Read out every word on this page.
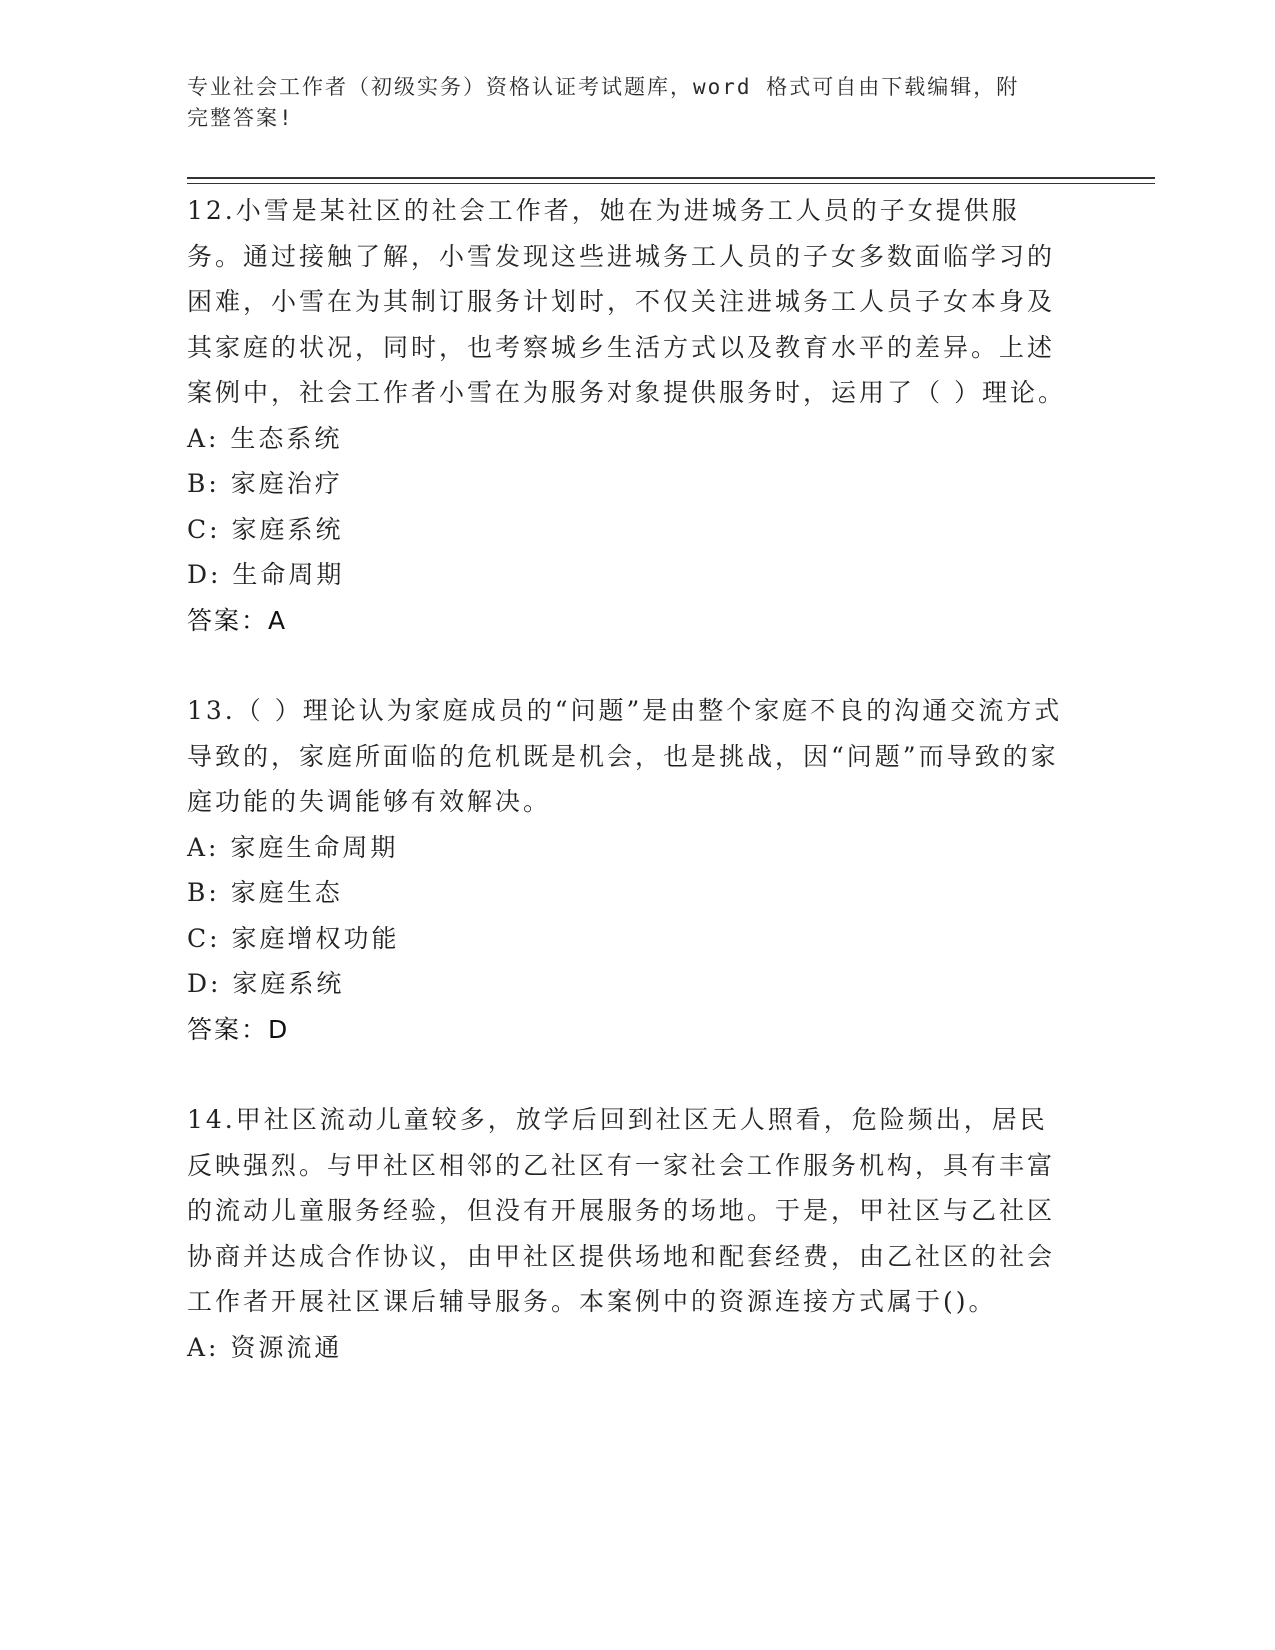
专业社会工作者（初级实务）资格认证考试题库，word 格式可自由下载编辑，附
完整答案!

12.小雪是某社区的社会工作者，她在为进城务工人员的子女提供服务。通过接触了解，小雪发现这些进城务工人员的子女多数面临学习的困难，小雪在为其制订服务计划时，不仅关注进城务工人员子女本身及其家庭的状况，同时，也考察城乡生活方式以及教育水平的差异。上述案例中，社会工作者小雪在为服务对象提供服务时，运用了（ ）理论。

A: 生态系统

B: 家庭治疗

C: 家庭系统

D: 生命周期

答案：A

13.（ ）理论认为家庭成员的“问题”是由整个家庭不良的沟通交流方式导致的，家庭所面临的危机既是机会，也是挑战，因“问题”而导致的家庭功能的失调能够有效解决。

A: 家庭生命周期

B: 家庭生态

C: 家庭增权功能

D: 家庭系统

答案：D

14.甲社区流动儿童较多，放学后回到社区无人照看，危险频出，居民反映强烈。与甲社区相邻的乙社区有一家社会工作服务机构，具有丰富的流动儿童服务经验，但没有开展服务的场地。于是，甲社区与乙社区协商并达成合作协议，由甲社区提供场地和配套经费，由乙社区的社会工作者开展社区课后辅导服务。本案例中的资源连接方式属于()。

A: 资源流通
